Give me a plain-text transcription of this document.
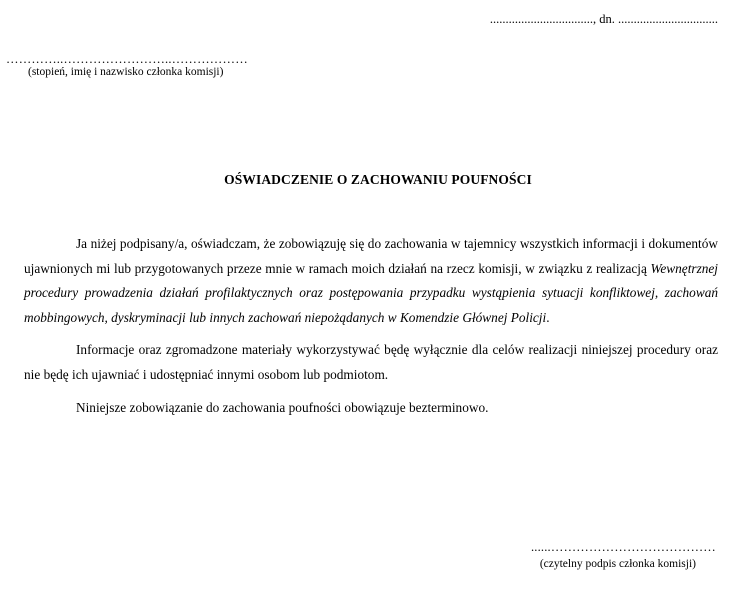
................................., dn. ................................
…………..……………………..………………
(stopień, imię i nazwisko członka komisji)
OŚWIADCZENIE O ZACHOWANIU POUFNOŚCI

Ja niżej podpisany/a, oświadczam, że zobowiązuję się do zachowania w tajemnicy wszystkich informacji i dokumentów ujawnionych mi lub przygotowanych przeze mnie w ramach moich działań na rzecz komisji, w związku z realizacją Wewnętrznej procedury prowadzenia działań profilaktycznych oraz postępowania przypadku wystąpienia sytuacji konfliktowej, zachowań mobbingowych, dyskryminacji lub innych zachowań niepożądanych w Komendzie Głównej Policji.

Informacje oraz zgromadzone materiały wykorzystywać będę wyłącznie dla celów realizacji niniejszej procedury oraz nie będę ich ujawniać i udostępniać innymi osobom lub podmiotom.

Niniejsze zobowiązanie do zachowania poufności obowiązuje bezterminowo.

......…………………………………
(czytelny podpis członka komisji)
